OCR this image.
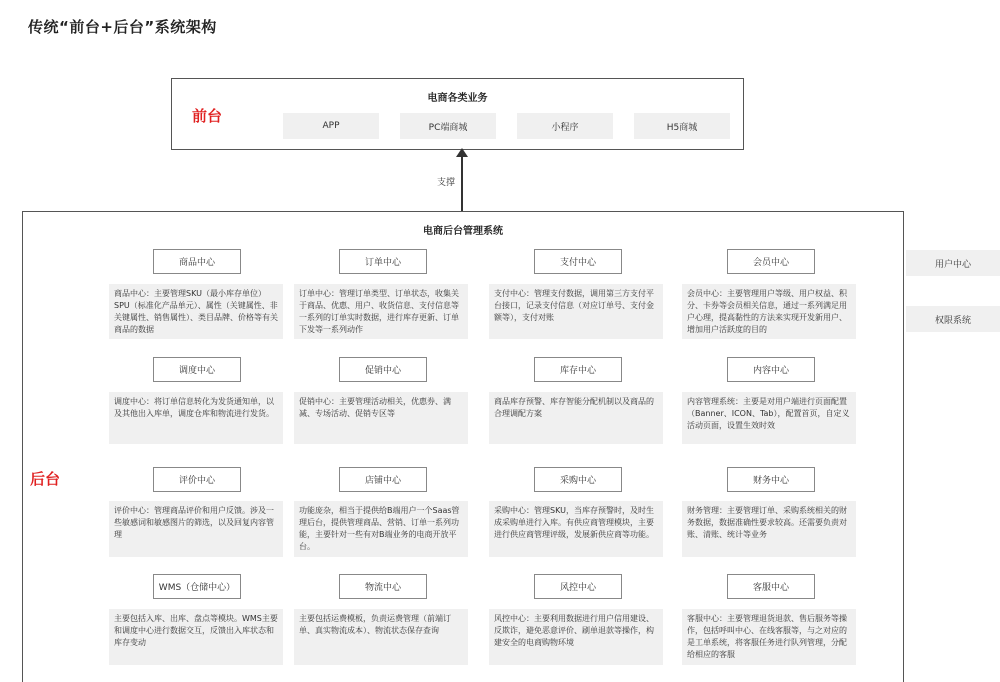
传统“前台+后台”系统架构
前台
电商各类业务
APP	PC端商城	小程序	H5商城
支撑
电商后台管理系统
后台
商品中心
商品中心：主要管理SKU（最小库存单位）SPU（标准化产品单元）、属性（关键属性、非关键属性、销售属性）、类目品牌、价格等有关商品的数据
订单中心
订单中心：管理订单类型、订单状态，收集关于商品、优惠、用户、收货信息、支付信息等一系列的订单实时数据，进行库存更新、订单下发等一系列动作
支付中心
支付中心：管理支付数据，调用第三方支付平台接口，记录支付信息（对应订单号、支付金额等），支付对账
会员中心
会员中心：主要管理用户等级、用户权益、积分、卡券等会员相关信息，通过一系列满足用户心理，提高黏性的方法来实现开发新用户、增加用户活跃度的目的
调度中心
调度中心：将订单信息转化为发货通知单，以及其他出入库单，调度仓库和物流进行发货。
促销中心
促销中心：主要管理活动相关，优惠券、满减、专场活动、促销专区等
库存中心
商品库存预警、库存智能分配机制以及商品的合理调配方案
内容中心
内容管理系统：主要是对用户端进行页面配置（Banner、ICON、Tab），配置首页，自定义活动页面，设置生效时效
评价中心
评价中心：管理商品评价和用户反馈。涉及一些敏感词和敏感图片的筛选，以及回复内容管理
店铺中心
功能庞杂，相当于提供给B端用户一个Saas管理后台，提供管理商品、营销、订单一系列功能，主要针对一些有对B端业务的电商开放平台。
采购中心
采购中心：管理SKU，当库存预警时，及时生成采购单进行入库。有供应商管理模块，主要进行供应商管理评级，发展新供应商等功能。
财务中心
财务管理：主要管理订单、采购系统相关的财务数据，数据准确性要求较高。还需要负责对账、清账、统计等业务
WMS（仓储中心）
主要包括入库、出库、盘点等模块。WMS主要和调度中心进行数据交互，反馈出入库状态和库存变动
物流中心
主要包括运费模板，负责运费管理（前端订单、真实物流成本）、物流状态保存查询
风控中心
风控中心：主要利用数据进行用户信用建设、反欺诈，避免恶意评价、刷单退款等操作，构建安全的电商购物环境
客服中心
客服中心：主要管理退货退款、售后服务等操作，包括呼叫中心、在线客服等，与之对应的是工单系统，将客服任务进行队列管理，分配给相应的客服
用户中心
权限系统
